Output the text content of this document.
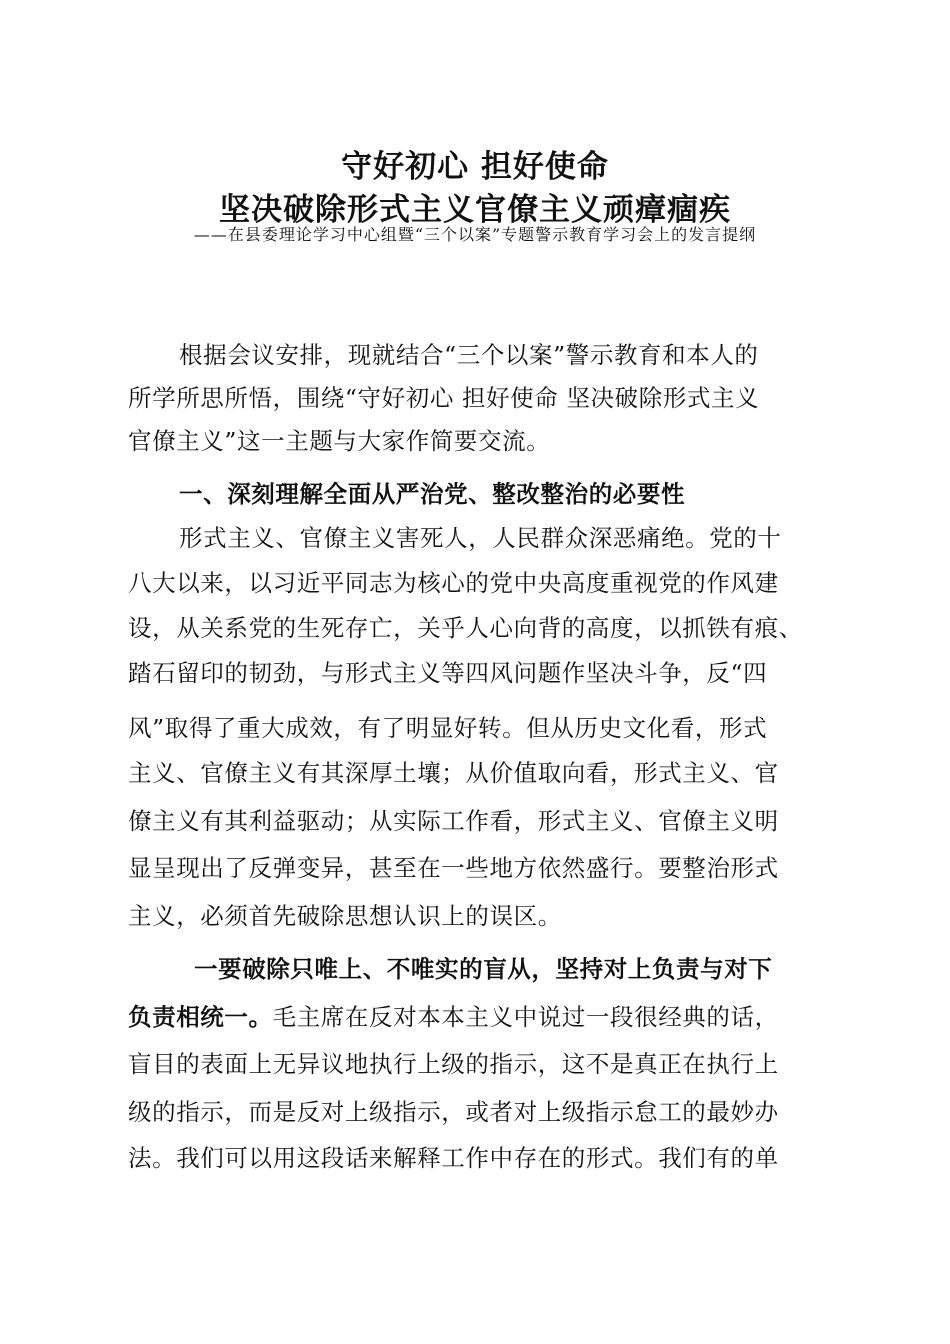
守好初心 担好使命
坚决破除形式主义官僚主义顽瘴痼疾
——在县委理论学习中心组暨“三个以案”专题警示教育学习会上的发言提纲
根据会议安排，现就结合“三个以案”警示教育和本人的
所学所思所悟，围绕“守好初心 担好使命 坚决破除形式主义
官僚主义”这一主题与大家作简要交流。
一、深刻理解全面从严治党、整改整治的必要性
形式主义、官僚主义害死人，人民群众深恶痛绝。党的十
八大以来，以习近平同志为核心的党中央高度重视党的作风建
设，从关系党的生死存亡，关乎人心向背的高度，以抓铁有痕、
踏石留印的韧劲，与形式主义等四风问题作坚决斗争，反“四
风”取得了重大成效，有了明显好转。但从历史文化看，形式
主义、官僚主义有其深厚土壤；从价值取向看，形式主义、官
僚主义有其利益驱动；从实际工作看，形式主义、官僚主义明
显呈现出了反弹变异，甚至在一些地方依然盛行。要整治形式
主义，必须首先破除思想认识上的误区。
一要破除只唯上、不唯实的盲从，坚持对上负责与对下
负责相统一。毛主席在反对本本主义中说过一段很经典的话，
盲目的表面上无异议地执行上级的指示，这不是真正在执行上
级的指示，而是反对上级指示，或者对上级指示怠工的最妙办
法。我们可以用这段话来解释工作中存在的形式。我们有的单
